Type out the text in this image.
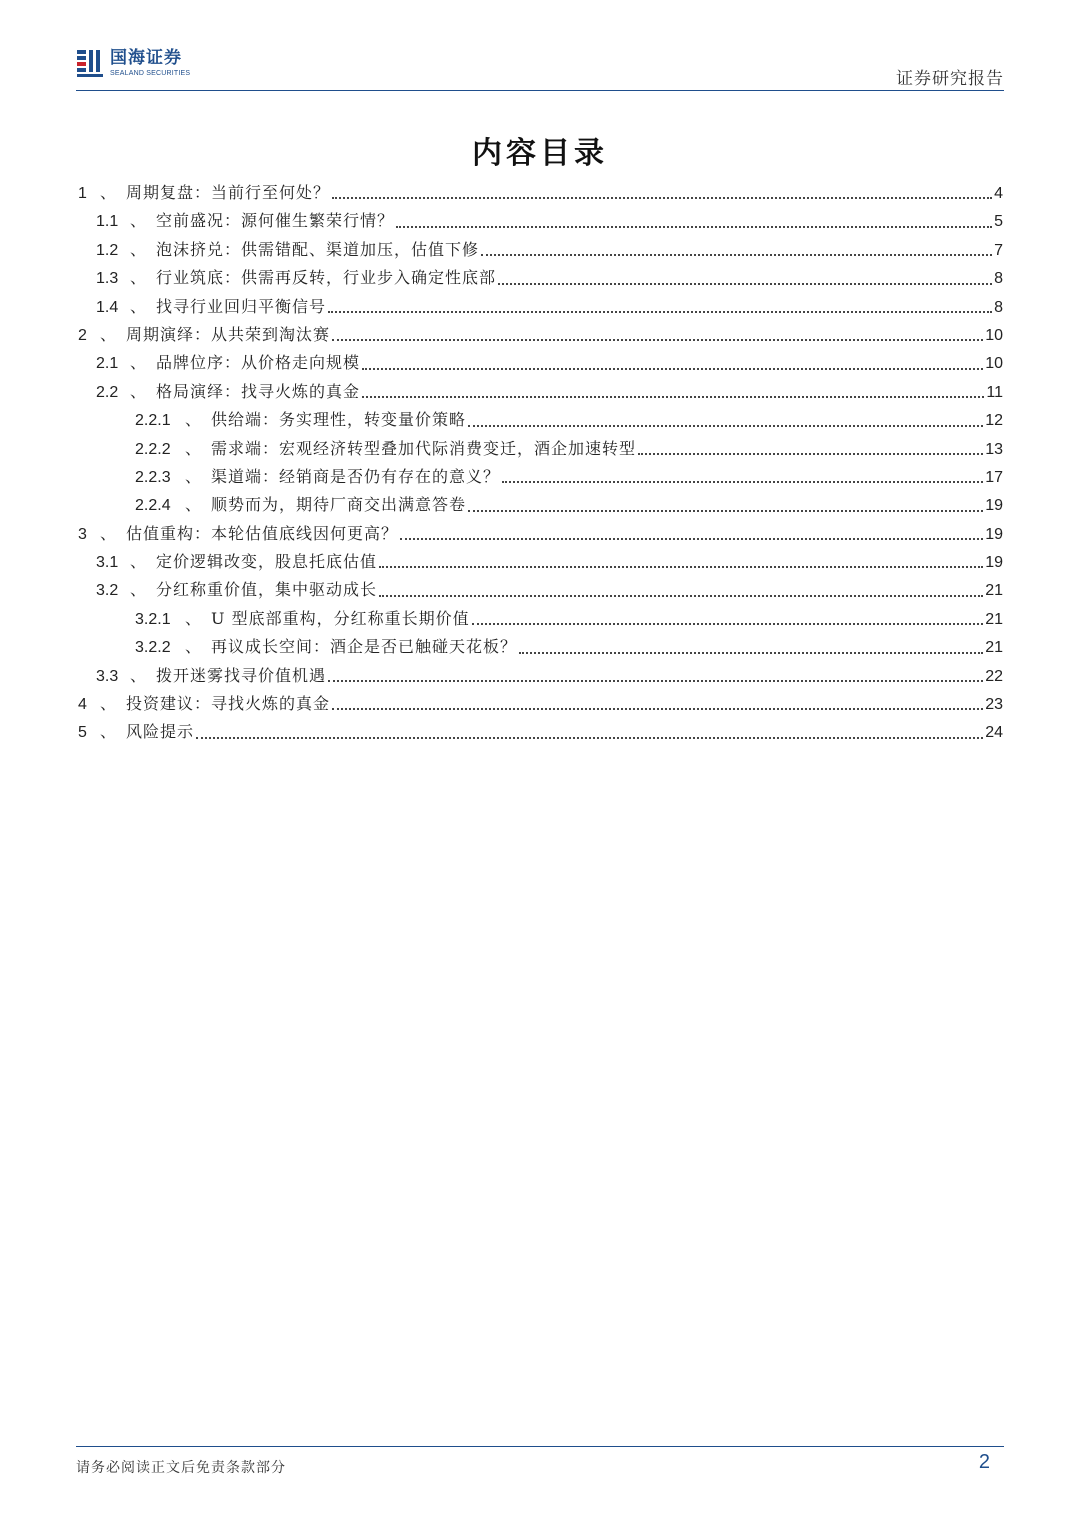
国海证券
SEALAND SECURITIES	证券研究报告
内容目录
1 、 周期复盘：当前行至何处？	4
1.1 、 空前盛况：源何催生繁荣行情？	5
1.2 、 泡沫挤兑：供需错配、渠道加压，估值下修	7
1.3 、 行业筑底：供需再反转，行业步入确定性底部	8
1.4 、 找寻行业回归平衡信号	8
2 、 周期演绎：从共荣到淘汰赛	10
2.1 、 品牌位序：从价格走向规模	10
2.2 、 格局演绎：找寻火炼的真金	11
2.2.1 、 供给端：务实理性，转变量价策略	12
2.2.2 、 需求端：宏观经济转型叠加代际消费变迁，酒企加速转型	13
2.2.3 、 渠道端：经销商是否仍有存在的意义？	17
2.2.4 、 顺势而为，期待厂商交出满意答卷	19
3 、 估值重构：本轮估值底线因何更高？	19
3.1 、 定价逻辑改变，股息托底估值	19
3.2 、 分红称重价值，集中驱动成长	21
3.2.1 、 U 型底部重构，分红称重长期价值	21
3.2.2 、 再议成长空间：酒企是否已触碰天花板？	21
3.3 、 拨开迷雾找寻价值机遇	22
4 、 投资建议：寻找火炼的真金	23
5 、 风险提示	24
请务必阅读正文后免责条款部分	2
